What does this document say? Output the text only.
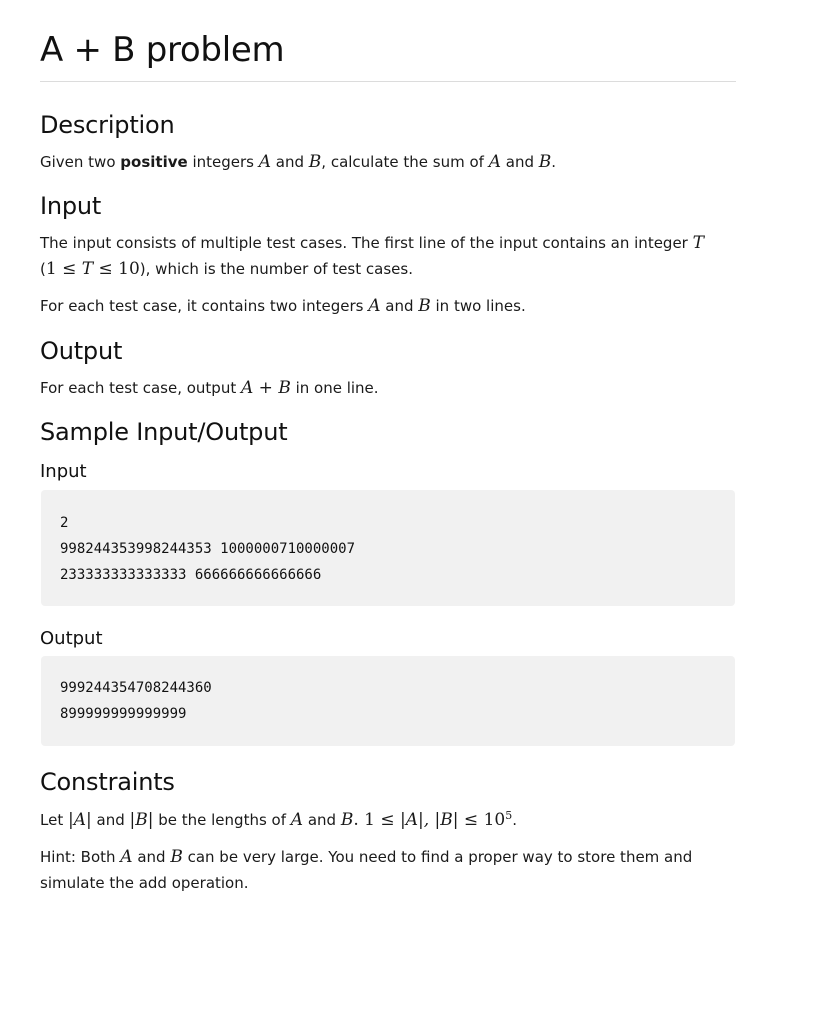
A + B problem
Description

Given two positive integers A and B, calculate the sum of A and B.

Input

The input consists of multiple test cases. The first line of the input contains an integer T (1 ≤ T ≤ 10), which is the number of test cases.

For each test case, it contains two integers A and B in two lines.

Output

For each test case, output A + B in one line.

Sample Input/Output
Input
2
998244353998244353 1000000710000007
233333333333333 666666666666666
Output
999244354708244360
899999999999999
Constraints

Let |A| and |B| be the lengths of A and B. 1 ≤ |A|, $|B| \le 10^5$.

Hint: Both A and B can be very large. You need to find a proper way to store them and simulate the add operation.
